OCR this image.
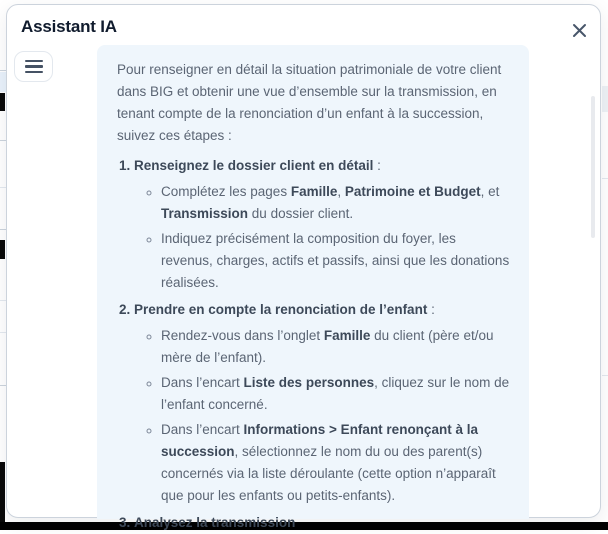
Assistant IA

Pour renseigner en détail la situation patrimoniale de votre client dans BIG et obtenir une vue d’ensemble sur la transmission, en tenant compte de la renonciation d’un enfant à la succession, suivez ces étapes :

1. Renseignez le dossier client en détail :
◦ Complétez les pages Famille, Patrimoine et Budget, et Transmission du dossier client.
◦ Indiquez précisément la composition du foyer, les revenus, charges, actifs et passifs, ainsi que les donations réalisées.
2. Prendre en compte la renonciation de l’enfant :
◦ Rendez-vous dans l’onglet Famille du client (père et/ou mère de l’enfant).
◦ Dans l’encart Liste des personnes, cliquez sur le nom de l’enfant concerné.
◦ Dans l’encart Informations > Enfant renonçant à la succession, sélectionnez le nom du ou des parent(s) concernés via la liste déroulante (cette option n’apparaît que pour les enfants ou petits-enfants).
3. Analysez la transmission
